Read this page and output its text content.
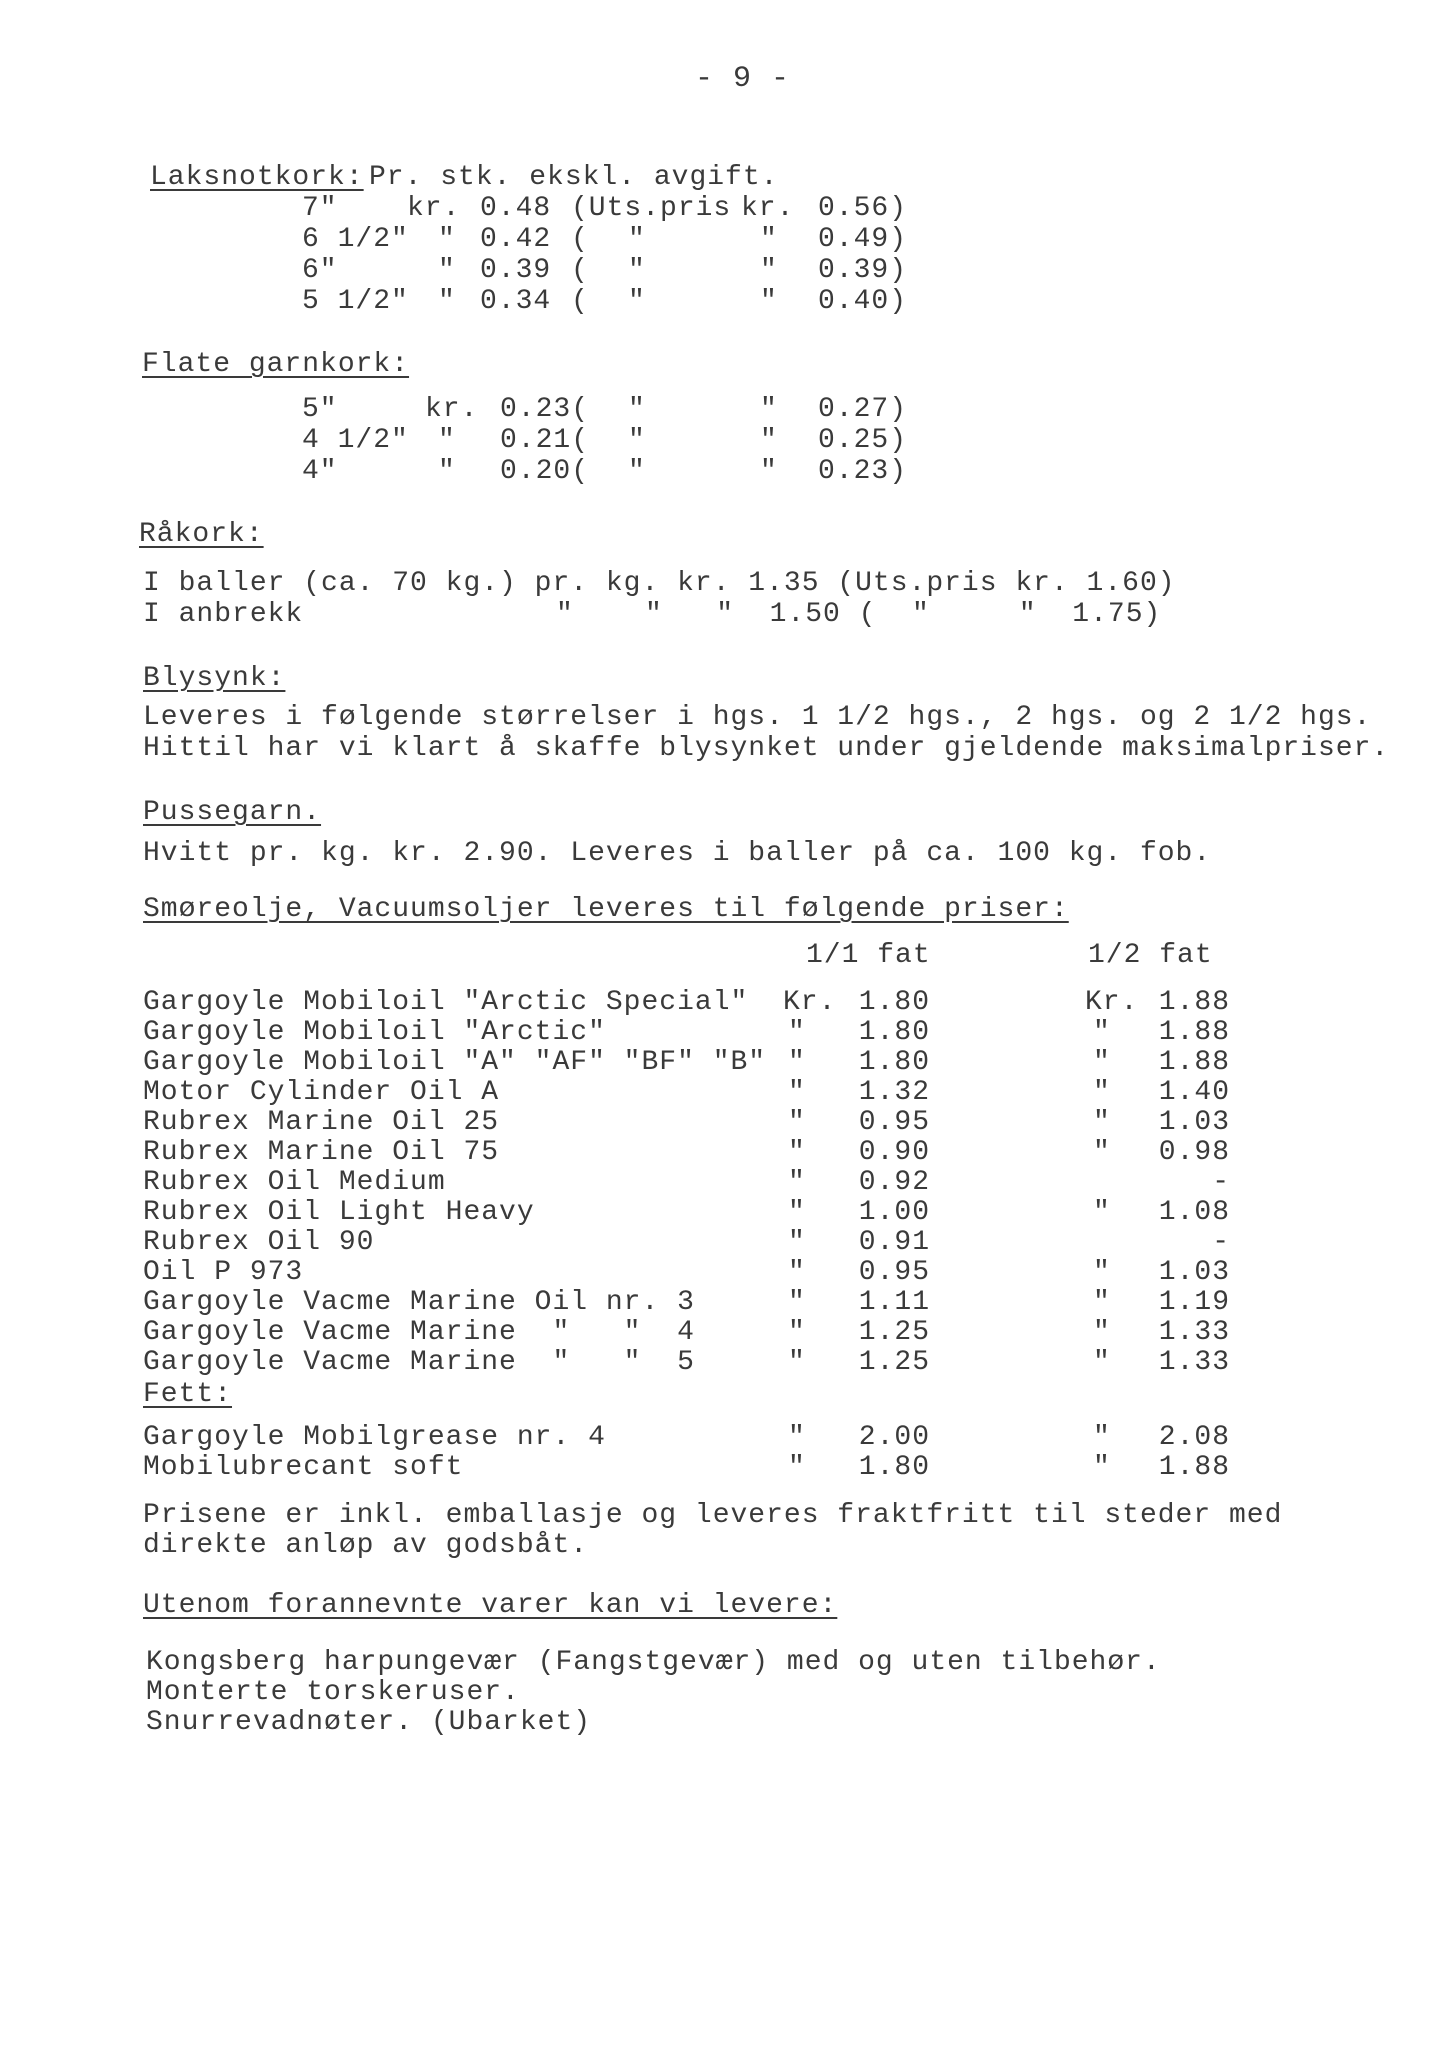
- 9 -
Laksnotkork: Pr. stk. ekskl. avgift.
7" kr. 0.48 (Uts.pris kr. 0.56)
6 1/2" " 0.42 ( "	" 0.49)
6"	" 0.39 ( "	" 0.39)
5 1/2" " 0.34 ( "	" 0.40)
Flate garnkork:
5"	kr. 0.23( "	" 0.27)
4 1/2" " 0.21( "	" 0.25)
4"	" 0.20( "	" 0.23)
Råkork:
I baller (ca. 70 kg.) pr. kg. kr. 1.35 (Uts.pris kr. 1.60)
I anbrekk	"    "   "  1.50 (  "     "  1.75)
Blysynk:
Leveres i følgende størrelser i hgs. 1 1/2 hgs., 2 hgs. og 2 1/2 hgs.
Hittil har vi klart å skaffe blysynket under gjeldende maksimalpriser.
Pussegarn.
Hvitt pr. kg. kr. 2.90. Leveres i baller på ca. 100 kg. fob.
Smøreolje, Vacuumsoljer leveres til følgende priser:
1/1 fat	1/2 fat
Gargoyle Mobiloil "Arctic Special" Kr. 1.80	Kr. 1.88
Gargoyle Mobiloil "Arctic"	"	1.80	"	1.88
Gargoyle Mobiloil "A" "AF" "BF" "B" "	1.80	"	1.88
Motor Cylinder Oil A	"	1.32	"	1.40
Rubrex Marine Oil 25	"	0.95	"	1.03
Rubrex Marine Oil 75	"	0.90	"	0.98
Rubrex Oil Medium	"	0.92	-
Rubrex Oil Light Heavy	"	1.00	"	1.08
Rubrex Oil 90	"	0.91	-
Oil P 973	"	0.95	"	1.03
Gargoyle Vacme Marine Oil nr. 3	"	1.11	"	1.19
Gargoyle Vacme Marine  "   "  4	"	1.25	"	1.33
Gargoyle Vacme Marine  "   "  5	"	1.25	"	1.33
Fett:
Gargoyle Mobilgrease nr. 4	"	2.00	"	2.08
Mobilubrecant soft	"	1.80	"	1.88
Prisene er inkl. emballasje og leveres fraktfritt til steder med
direkte anløp av godsbåt.
Utenom forannevnte varer kan vi levere:
Kongsberg harpungevær (Fangstgevær) med og uten tilbehør.
Monterte torskeruser.
Snurrevadnøter. (Ubarket)
